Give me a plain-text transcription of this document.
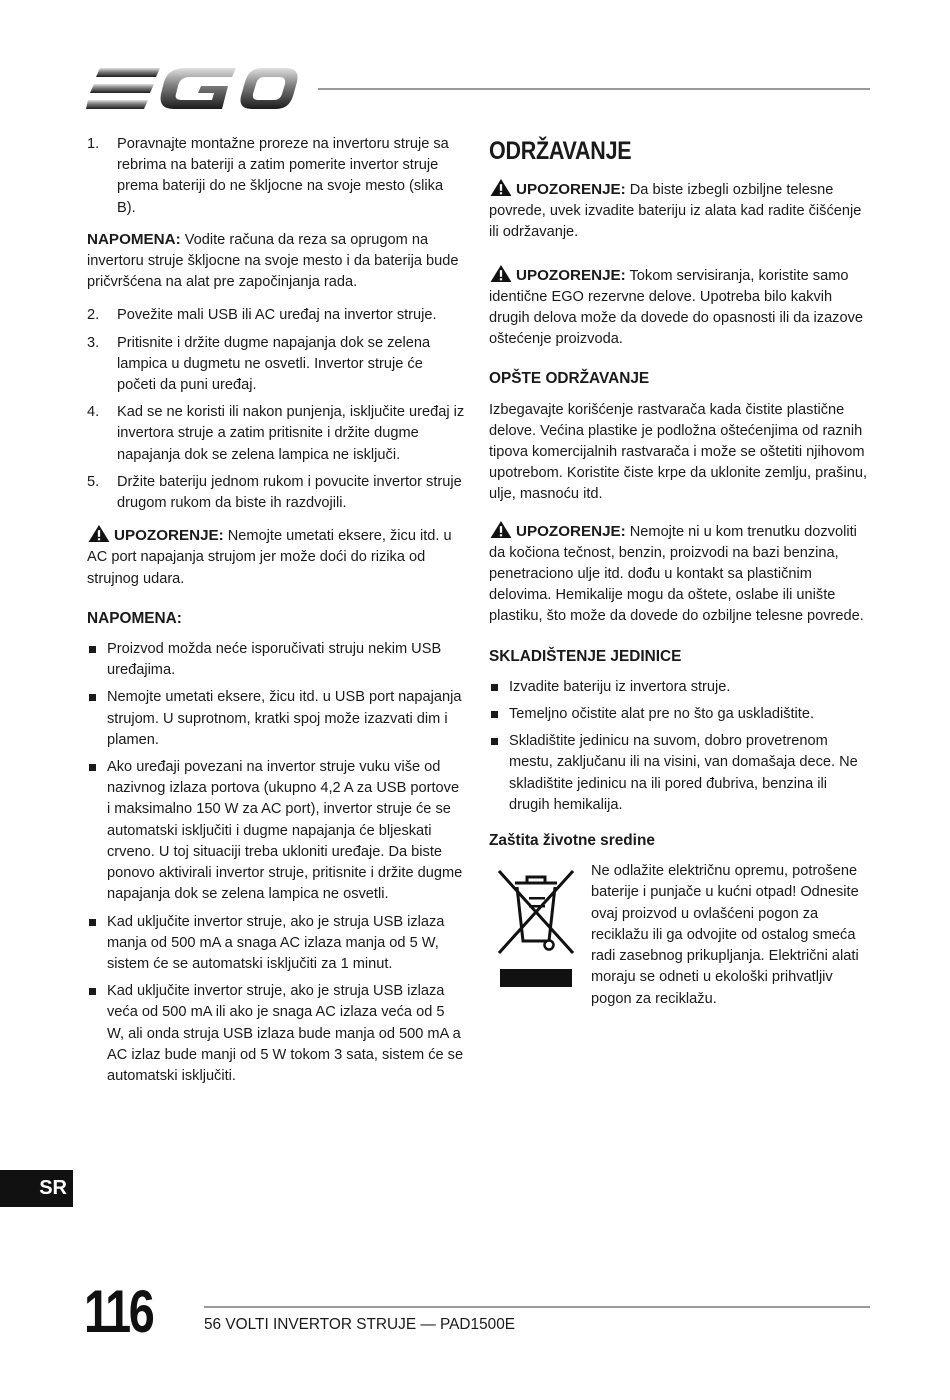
1. Poravnajte montažne proreze na invertoru struje sa rebrima na bateriji a zatim pomerite invertor struje prema bateriji do ne škljocne na svoje mesto (slika B).

NAPOMENA: Vodite računa da reza sa oprugom na invertoru struje škljocne na svoje mesto i da baterija bude pričvršćena na alat pre započinjanja rada.

2. Povežite mali USB ili AC uređaj na invertor struje.
3. Pritisnite i držite dugme napajanja dok se zelena lampica u dugmetu ne osvetli. Invertor struje će početi da puni uređaj.
4. Kad se ne koristi ili nakon punjenja, isključite uređaj iz invertora struje a zatim pritisnite i držite dugme napajanja dok se zelena lampica ne isključi.
5. Držite bateriju jednom rukom i povucite invertor struje drugom rukom da biste ih razdvojili.

UPOZORENJE: Nemojte umetati eksere, žicu itd. u AC port napajanja strujom jer može doći do rizika od strujnog udara.

NAPOMENA:
Proizvod možda neće isporučivati struju nekim USB uređajima.
Nemojte umetati eksere, žicu itd. u USB port napajanja strujom. U suprotnom, kratki spoj može izazvati dim i plamen.
Ako uređaji povezani na invertor struje vuku više od nazivnog izlaza portova (ukupno 4,2 A za USB portove i maksimalno 150 W za AC port), invertor struje će se automatski isključiti i dugme napajanja će bljeskati crveno. U toj situaciji treba ukloniti uređaje. Da biste ponovo aktivirali invertor struje, pritisnite i držite dugme napajanja dok se zelena lampica ne osvetli.
Kad uključite invertor struje, ako je struja USB izlaza manja od 500 mA a snaga AC izlaza manja od 5 W, sistem će se automatski isključiti za 1 minut.
Kad uključite invertor struje, ako je struja USB izlaza veća od 500 mA ili ako je snaga AC izlaza veća od 5 W, ali onda struja USB izlaza bude manja od 500 mA a AC izlaz bude manji od 5 W tokom 3 sata, sistem će se automatski isključiti.
ODRŽAVANJE

UPOZORENJE: Da biste izbegli ozbiljne telesne povrede, uvek izvadite bateriju iz alata kad radite čišćenje ili održavanje.

UPOZORENJE: Tokom servisiranja, koristite samo identične EGO rezervne delove. Upotreba bilo kakvih drugih delova može da dovede do opasnosti ili da izazove oštećenje proizvoda.

OPŠTE ODRŽAVANJE

Izbegavajte korišćenje rastvarača kada čistite plastične delove. Većina plastike je podložna oštećenjima od raznih tipova komercijalnih rastvarača i može se oštetiti njihovom upotrebom. Koristite čiste krpe da uklonite zemlju, prašinu, ulje, masnoću itd.

UPOZORENJE: Nemojte ni u kom trenutku dozvoliti da kočiona tečnost, benzin, proizvodi na bazi benzina, penetraciono ulje itd. dođu u kontakt sa plastičnim delovima. Hemikalije mogu da oštete, oslabe ili unište plastiku, što može da dovede do ozbiljne telesne povrede.

SKLADIŠTENJE JEDINICE
Izvadite bateriju iz invertora struje.
Temeljno očistite alat pre no što ga uskladištite.
Skladištite jedinicu na suvom, dobro provetrenom mestu, zaključanu ili na visini, van domašaja dece. Ne skladištite jedinicu na ili pored đubriva, benzina ili drugih hemikalija.
Zaštita životne sredine
Ne odlažite električnu opremu, potrošene baterije i punjače u kućni otpad! Odnesite ovaj proizvod u ovlašćeni pogon za reciklažu ili ga odvojite od ostalog smeća radi zasebnog prikupljanja. Električni alati moraju se odneti u ekološki prihvatljiv pogon za reciklažu.
SR
116	56 VOLTI INVERTOR STRUJE — PAD1500E
